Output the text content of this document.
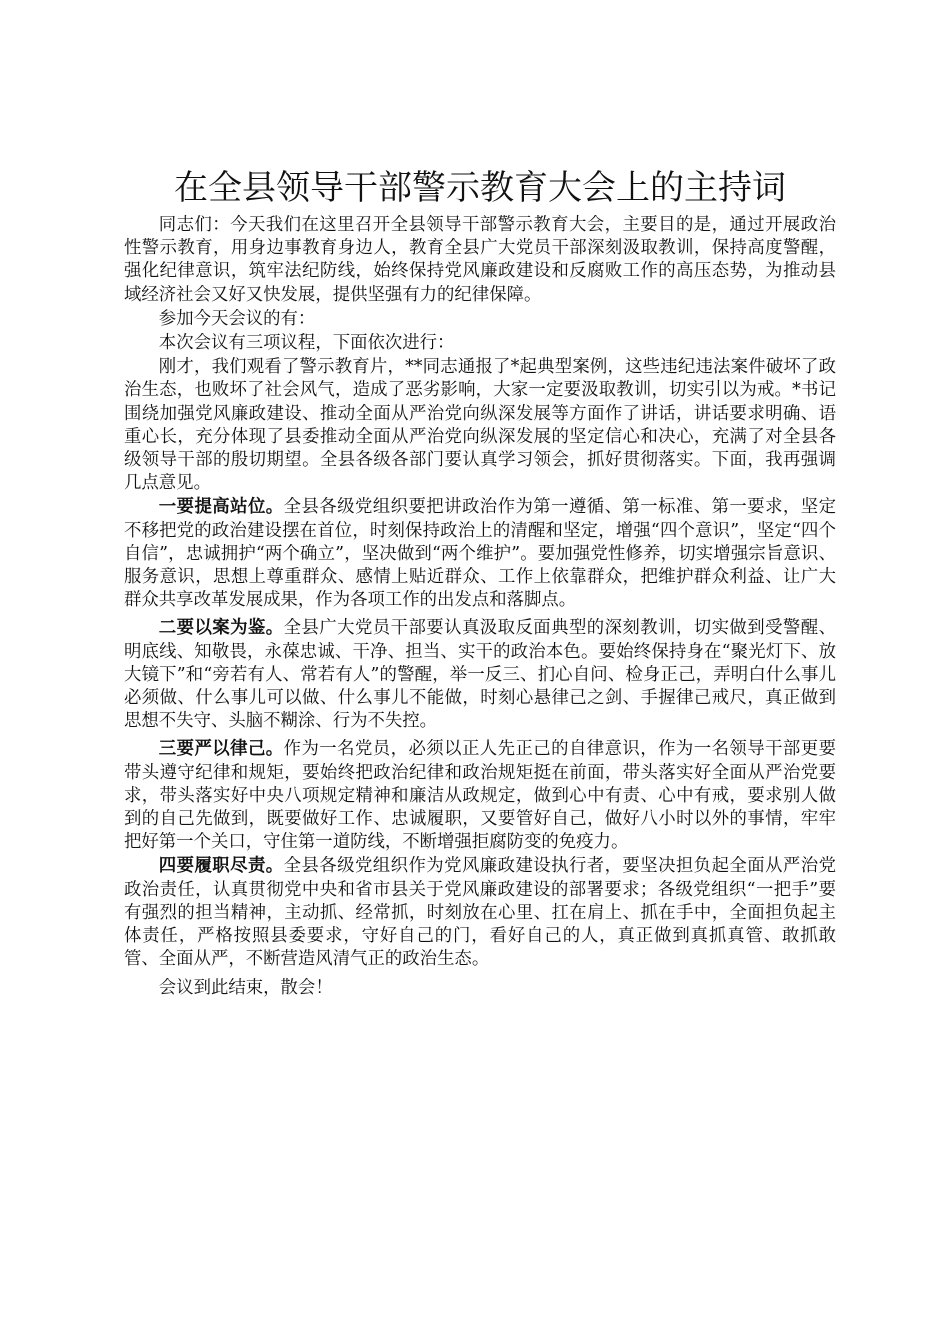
在全县领导干部警示教育大会上的主持词

同志们：今天我们在这里召开全县领导干部警示教育大会，主要目的是，通过开展政治性警示教育，用身边事教育身边人，教育全县广大党员干部深刻汲取教训，保持高度警醒，强化纪律意识，筑牢法纪防线，始终保持党风廉政建设和反腐败工作的高压态势，为推动县域经济社会又好又快发展，提供坚强有力的纪律保障。

参加今天会议的有：

本次会议有三项议程，下面依次进行：

刚才，我们观看了警示教育片，**同志通报了*起典型案例，这些违纪违法案件破坏了政治生态，也败坏了社会风气，造成了恶劣影响，大家一定要汲取教训，切实引以为戒。*书记围绕加强党风廉政建设、推动全面从严治党向纵深发展等方面作了讲话，讲话要求明确、语重心长，充分体现了县委推动全面从严治党向纵深发展的坚定信心和决心，充满了对全县各级领导干部的殷切期望。全县各级各部门要认真学习领会，抓好贯彻落实。下面，我再强调几点意见。

一要提高站位。全县各级党组织要把讲政治作为第一遵循、第一标准、第一要求，坚定不移把党的政治建设摆在首位，时刻保持政治上的清醒和坚定，增强“四个意识”，坚定“四个自信”，忠诚拥护“两个确立”，坚决做到“两个维护”。要加强党性修养，切实增强宗旨意识、服务意识，思想上尊重群众、感情上贴近群众、工作上依靠群众，把维护群众利益、让广大群众共享改革发展成果，作为各项工作的出发点和落脚点。

二要以案为鉴。全县广大党员干部要认真汲取反面典型的深刻教训，切实做到受警醒、明底线、知敬畏，永葆忠诚、干净、担当、实干的政治本色。要始终保持身在“聚光灯下、放大镜下”和“旁若有人、常若有人”的警醒，举一反三、扪心自问、检身正己，弄明白什么事儿必须做、什么事儿可以做、什么事儿不能做，时刻心悬律己之剑、手握律己戒尺，真正做到思想不失守、头脑不糊涂、行为不失控。

三要严以律己。作为一名党员，必须以正人先正己的自律意识，作为一名领导干部更要带头遵守纪律和规矩，要始终把政治纪律和政治规矩挺在前面，带头落实好全面从严治党要求，带头落实好中央八项规定精神和廉洁从政规定，做到心中有责、心中有戒，要求别人做到的自己先做到，既要做好工作、忠诚履职，又要管好自己，做好八小时以外的事情，牢牢把好第一个关口，守住第一道防线，不断增强拒腐防变的免疫力。

四要履职尽责。全县各级党组织作为党风廉政建设执行者，要坚决担负起全面从严治党政治责任，认真贯彻党中央和省市县关于党风廉政建设的部署要求；各级党组织“一把手”要有强烈的担当精神，主动抓、经常抓，时刻放在心里、扛在肩上、抓在手中，全面担负起主体责任，严格按照县委要求，守好自己的门，看好自己的人，真正做到真抓真管、敢抓敢管、全面从严，不断营造风清气正的政治生态。

会议到此结束，散会！
